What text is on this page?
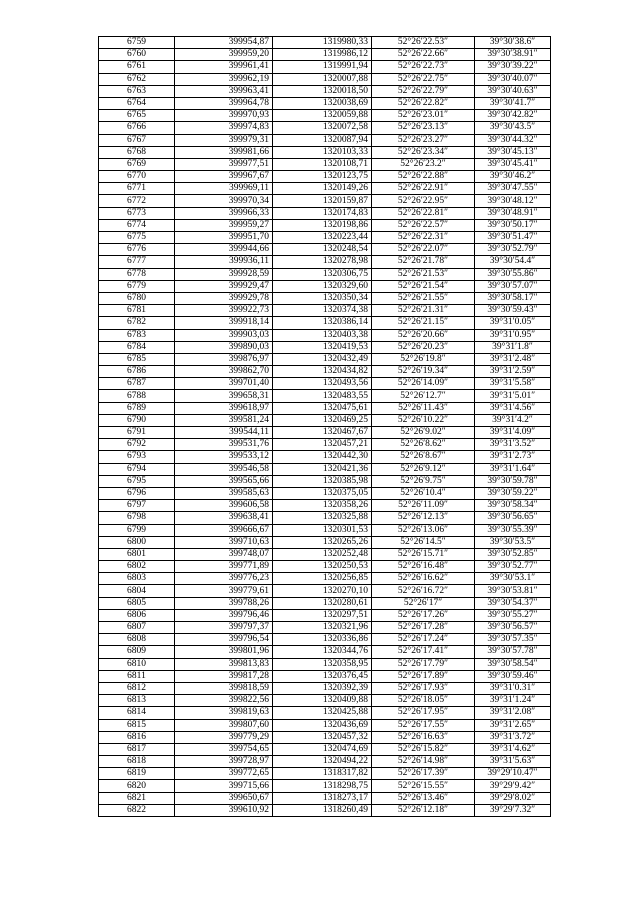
6759	399954,87	1319980,33	52°26′22.53″	39°30′38.6″
6760	399959,20	1319986,12	52°26′22.66″	39°30′38.91″
6761	399961,41	1319991,94	52°26′22.73″	39°30′39.22″
6762	399962,19	1320007,88	52°26′22.75″	39°30′40.07″
6763	399963,41	1320018,50	52°26′22.79″	39°30′40.63″
6764	399964,78	1320038,69	52°26′22.82″	39°30′41.7″
6765	399970,93	1320059,88	52°26′23.01″	39°30′42.82″
6766	399974,83	1320072,58	52°26′23.13″	39°30′43.5″
6767	399979,31	1320087,94	52°26′23.27″	39°30′44.32″
6768	399981,66	1320103,33	52°26′23.34″	39°30′45.13″
6769	399977,51	1320108,71	52°26′23.2″	39°30′45.41″
6770	399967,67	1320123,75	52°26′22.88″	39°30′46.2″
6771	399969,11	1320149,26	52°26′22.91″	39°30′47.55″
6772	399970,34	1320159,87	52°26′22.95″	39°30′48.12″
6773	399966,33	1320174,83	52°26′22.81″	39°30′48.91″
6774	399959,27	1320198,86	52°26′22.57″	39°30′50.17″
6775	399951,70	1320223,44	52°26′22.31″	39°30′51.47″
6776	399944,66	1320248,54	52°26′22.07″	39°30′52.79″
6777	399936,11	1320278,98	52°26′21.78″	39°30′54.4″
6778	399928,59	1320306,75	52°26′21.53″	39°30′55.86″
6779	399929,47	1320329,60	52°26′21.54″	39°30′57.07″
6780	399929,78	1320350,34	52°26′21.55″	39°30′58.17″
6781	399922,73	1320374,38	52°26′21.31″	39°30′59.43″
6782	399918,14	1320386,14	52°26′21.15″	39°31′0.05″
6783	399903,03	1320403,38	52°26′20.66″	39°31′0.95″
6784	399890,03	1320419,53	52°26′20.23″	39°31′1.8″
6785	399876,97	1320432,49	52°26′19.8″	39°31′2.48″
6786	399862,70	1320434,82	52°26′19.34″	39°31′2.59″
6787	399701,40	1320493,56	52°26′14.09″	39°31′5.58″
6788	399658,31	1320483,55	52°26′12.7″	39°31′5.01″
6789	399618,97	1320475,61	52°26′11.43″	39°31′4.56″
6790	399581,24	1320469,25	52°26′10.22″	39°31′4.2″
6791	399544,11	1320467,67	52°26′9.02″	39°31′4.09″
6792	399531,76	1320457,21	52°26′8.62″	39°31′3.52″
6793	399533,12	1320442,30	52°26′8.67″	39°31′2.73″
6794	399546,58	1320421,36	52°26′9.12″	39°31′1.64″
6795	399565,66	1320385,98	52°26′9.75″	39°30′59.78″
6796	399585,63	1320375,05	52°26′10.4″	39°30′59.22″
6797	399606,58	1320358,26	52°26′11.09″	39°30′58.34″
6798	399638,41	1320325,88	52°26′12.13″	39°30′56.65″
6799	399666,67	1320301,53	52°26′13.06″	39°30′55.39″
6800	399710,63	1320265,26	52°26′14.5″	39°30′53.5″
6801	399748,07	1320252,48	52°26′15.71″	39°30′52.85″
6802	399771,89	1320250,53	52°26′16.48″	39°30′52.77″
6803	399776,23	1320256,85	52°26′16.62″	39°30′53.1″
6804	399779,61	1320270,10	52°26′16.72″	39°30′53.81″
6805	399788,26	1320280,61	52°26′17″	39°30′54.37″
6806	399796,46	1320297,51	52°26′17.26″	39°30′55.27″
6807	399797,37	1320321,96	52°26′17.28″	39°30′56.57″
6808	399796,54	1320336,86	52°26′17.24″	39°30′57.35″
6809	399801,96	1320344,76	52°26′17.41″	39°30′57.78″
6810	399813,83	1320358,95	52°26′17.79″	39°30′58.54″
6811	399817,28	1320376,45	52°26′17.89″	39°30′59.46″
6812	399818,59	1320392,39	52°26′17.93″	39°31′0.31″
6813	399822,56	1320409,88	52°26′18.05″	39°31′1.24″
6814	399819,63	1320425,88	52°26′17.95″	39°31′2.08″
6815	399807,60	1320436,69	52°26′17.55″	39°31′2.65″
6816	399779,29	1320457,32	52°26′16.63″	39°31′3.72″
6817	399754,65	1320474,69	52°26′15.82″	39°31′4.62″
6818	399728,97	1320494,22	52°26′14.98″	39°31′5.63″
6819	399772,65	1318317,82	52°26′17.39″	39°29′10.47″
6820	399715,66	1318298,75	52°26′15.55″	39°29′9.42″
6821	399650,67	1318273,17	52°26′13.46″	39°29′8.02″
6822	399610,92	1318260,49	52°26′12.18″	39°29′7.32″
